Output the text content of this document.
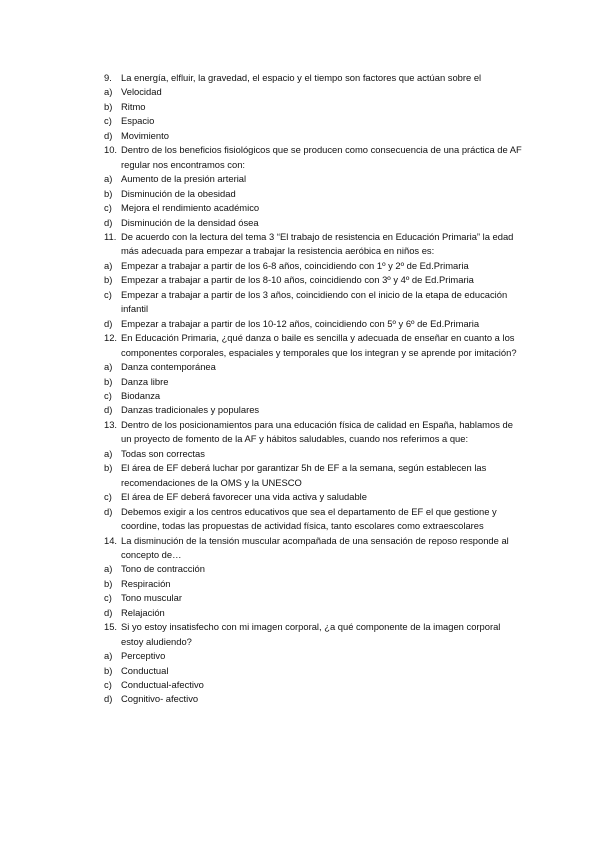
9. La energía, elfluir, la gravedad, el espacio y el tiempo son factores que actúan sobre el
a) Velocidad
b) Ritmo
c) Espacio
d) Movimiento
10. Dentro de los beneficios fisiológicos que se producen como consecuencia de una práctica de AF regular nos encontramos con:
a) Aumento de la presión arterial
b) Disminución de la obesidad
c) Mejora el rendimiento académico
d) Disminución de la densidad ósea
11. De acuerdo con la lectura del tema 3 “El trabajo de resistencia en Educación Primaria” la edad más adecuada para empezar a trabajar la resistencia aeróbica en niños es:
a) Empezar a trabajar a partir de los 6-8 años, coincidiendo con 1º y 2º de Ed.Primaria
b) Empezar a trabajar a partir de los 8-10 años, coincidiendo con 3º y 4º de Ed.Primaria
c) Empezar a trabajar a partir de los 3 años, coincidiendo con el inicio de la etapa de educación infantil
d) Empezar a trabajar a partir de los 10-12 años, coincidiendo con 5º y 6º de Ed.Primaria
12. En Educación Primaria, ¿qué danza o baile es sencilla y adecuada de enseñar en cuanto a los componentes corporales, espaciales y temporales que los integran y se aprende por imitación?
a) Danza contemporánea
b) Danza libre
c) Biodanza
d) Danzas tradicionales y populares
13. Dentro de los posicionamientos para una educación física de calidad en España, hablamos de un proyecto de fomento de la AF y hábitos saludables, cuando nos referimos a que:
a) Todas son correctas
b) El área de EF deberá luchar por garantizar 5h de EF a la semana, según establecen las recomendaciones de la OMS y la UNESCO
c) El área de EF deberá favorecer una vida activa y saludable
d) Debemos exigir a los centros educativos que sea el departamento de EF el que gestione y coordine, todas las propuestas de actividad física, tanto escolares como extraescolares
14. La disminución de la tensión muscular acompañada de una sensación de reposo responde al concepto de…
a) Tono de contracción
b) Respiración
c) Tono muscular
d) Relajación
15. Si yo estoy insatisfecho con mi imagen corporal, ¿a qué componente de la imagen corporal estoy aludiendo?
a) Perceptivo
b) Conductual
c) Conductual-afectivo
d) Cognitivo- afectivo
